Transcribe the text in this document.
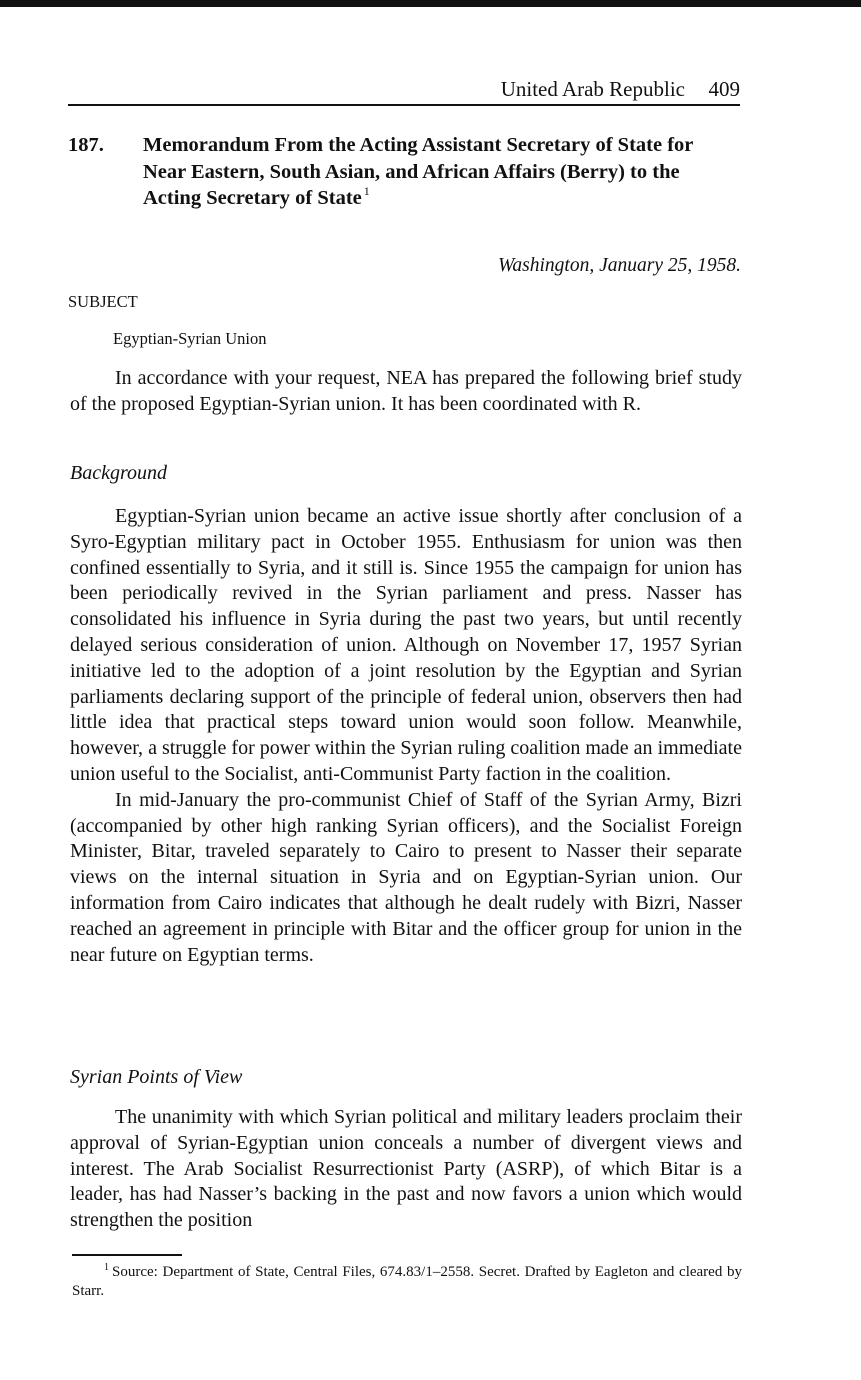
United Arab Republic 409
187. Memorandum From the Acting Assistant Secretary of State for Near Eastern, South Asian, and African Affairs (Berry) to the Acting Secretary of State $^1$
Washington, January 25, 1958.
SUBJECT
Egyptian-Syrian Union

In accordance with your request, NEA has prepared the following brief study of the proposed Egyptian-Syrian union. It has been coordinated with R.

Background

Egyptian-Syrian union became an active issue shortly after conclusion of a Syro-Egyptian military pact in October 1955. Enthusiasm for union was then confined essentially to Syria, and it still is. Since 1955 the campaign for union has been periodically revived in the Syrian parliament and press. Nasser has consolidated his influence in Syria during the past two years, but until recently delayed serious consideration of union. Although on November 17, 1957 Syrian initiative led to the adoption of a joint resolution by the Egyptian and Syrian parliaments declaring support of the principle of federal union, observers then had little idea that practical steps toward union would soon follow. Meanwhile, however, a struggle for power within the Syrian ruling coalition made an immediate union useful to the Socialist, anti-Communist Party faction in the coalition.

In mid-January the pro-communist Chief of Staff of the Syrian Army, Bizri (accompanied by other high ranking Syrian officers), and the Socialist Foreign Minister, Bitar, traveled separately to Cairo to present to Nasser their separate views on the internal situation in Syria and on Egyptian-Syrian union. Our information from Cairo indicates that although he dealt rudely with Bizri, Nasser reached an agreement in principle with Bitar and the officer group for union in the near future on Egyptian terms.

Syrian Points of View

The unanimity with which Syrian political and military leaders proclaim their approval of Syrian-Egyptian union conceals a number of divergent views and interest. The Arab Socialist Resurrectionist Party (ASRP), of which Bitar is a leader, has had Nasser’s backing in the past and now favors a union which would strengthen the position

$^1$ Source: Department of State, Central Files, 674.83/1–2558. Secret. Drafted by Eagleton and cleared by Starr.
